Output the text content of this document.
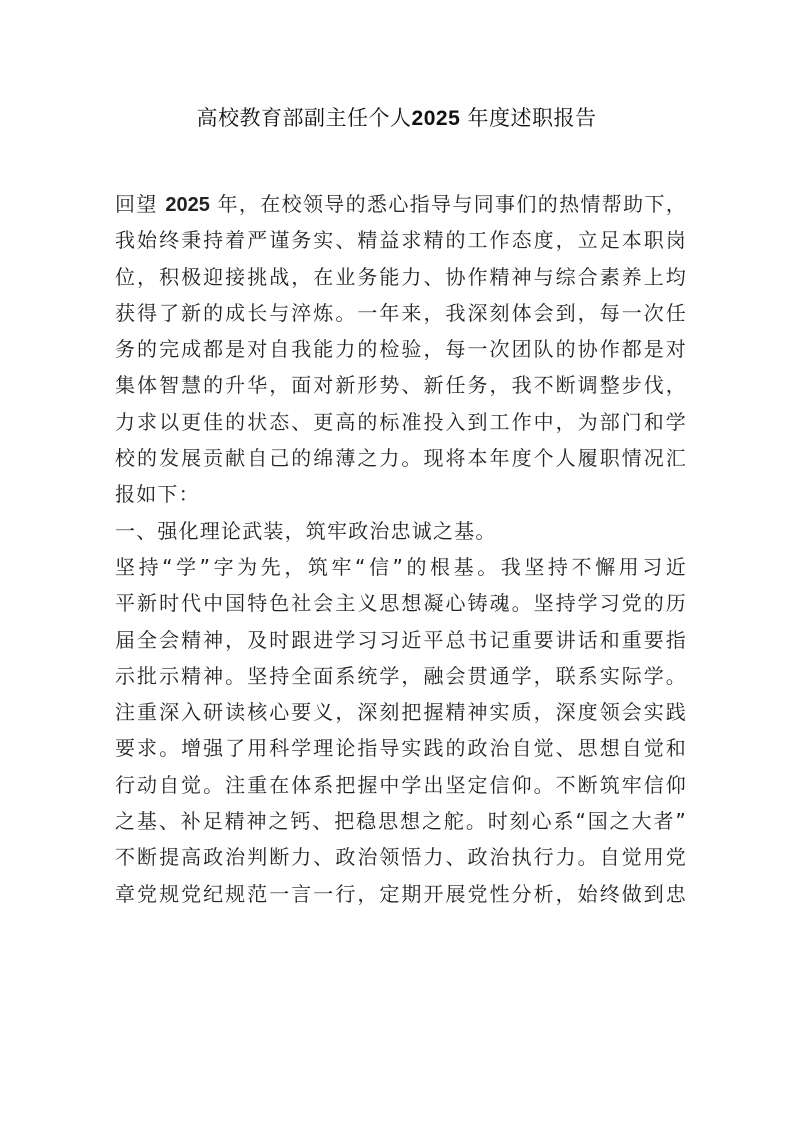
高校教育部副主任个人2025 年度述职报告
回望 2025 年，在校领导的悉心指导与同事们的热情帮助下，
我始终秉持着严谨务实、精益求精的工作态度，立足本职岗
位，积极迎接挑战，在业务能力、协作精神与综合素养上均
获得了新的成长与淬炼。一年来，我深刻体会到，每一次任
务的完成都是对自我能力的检验，每一次团队的协作都是对
集体智慧的升华，面对新形势、新任务，我不断调整步伐，
力求以更佳的状态、更高的标准投入到工作中，为部门和学
校的发展贡献自己的绵薄之力。现将本年度个人履职情况汇
报如下：
一、强化理论武装，筑牢政治忠诚之基。
坚持“学”字为先，筑牢“信”的根基。我坚持不懈用习近
平新时代中国特色社会主义思想凝心铸魂。坚持学习党的历
届全会精神，及时跟进学习习近平总书记重要讲话和重要指
示批示精神。坚持全面系统学，融会贯通学，联系实际学。
注重深入研读核心要义，深刻把握精神实质，深度领会实践
要求。增强了用科学理论指导实践的政治自觉、思想自觉和
行动自觉。注重在体系把握中学出坚定信仰。不断筑牢信仰
之基、补足精神之钙、把稳思想之舵。时刻心系“国之大者”
不断提高政治判断力、政治领悟力、政治执行力。自觉用党
章党规党纪规范一言一行，定期开展党性分析，始终做到忠
